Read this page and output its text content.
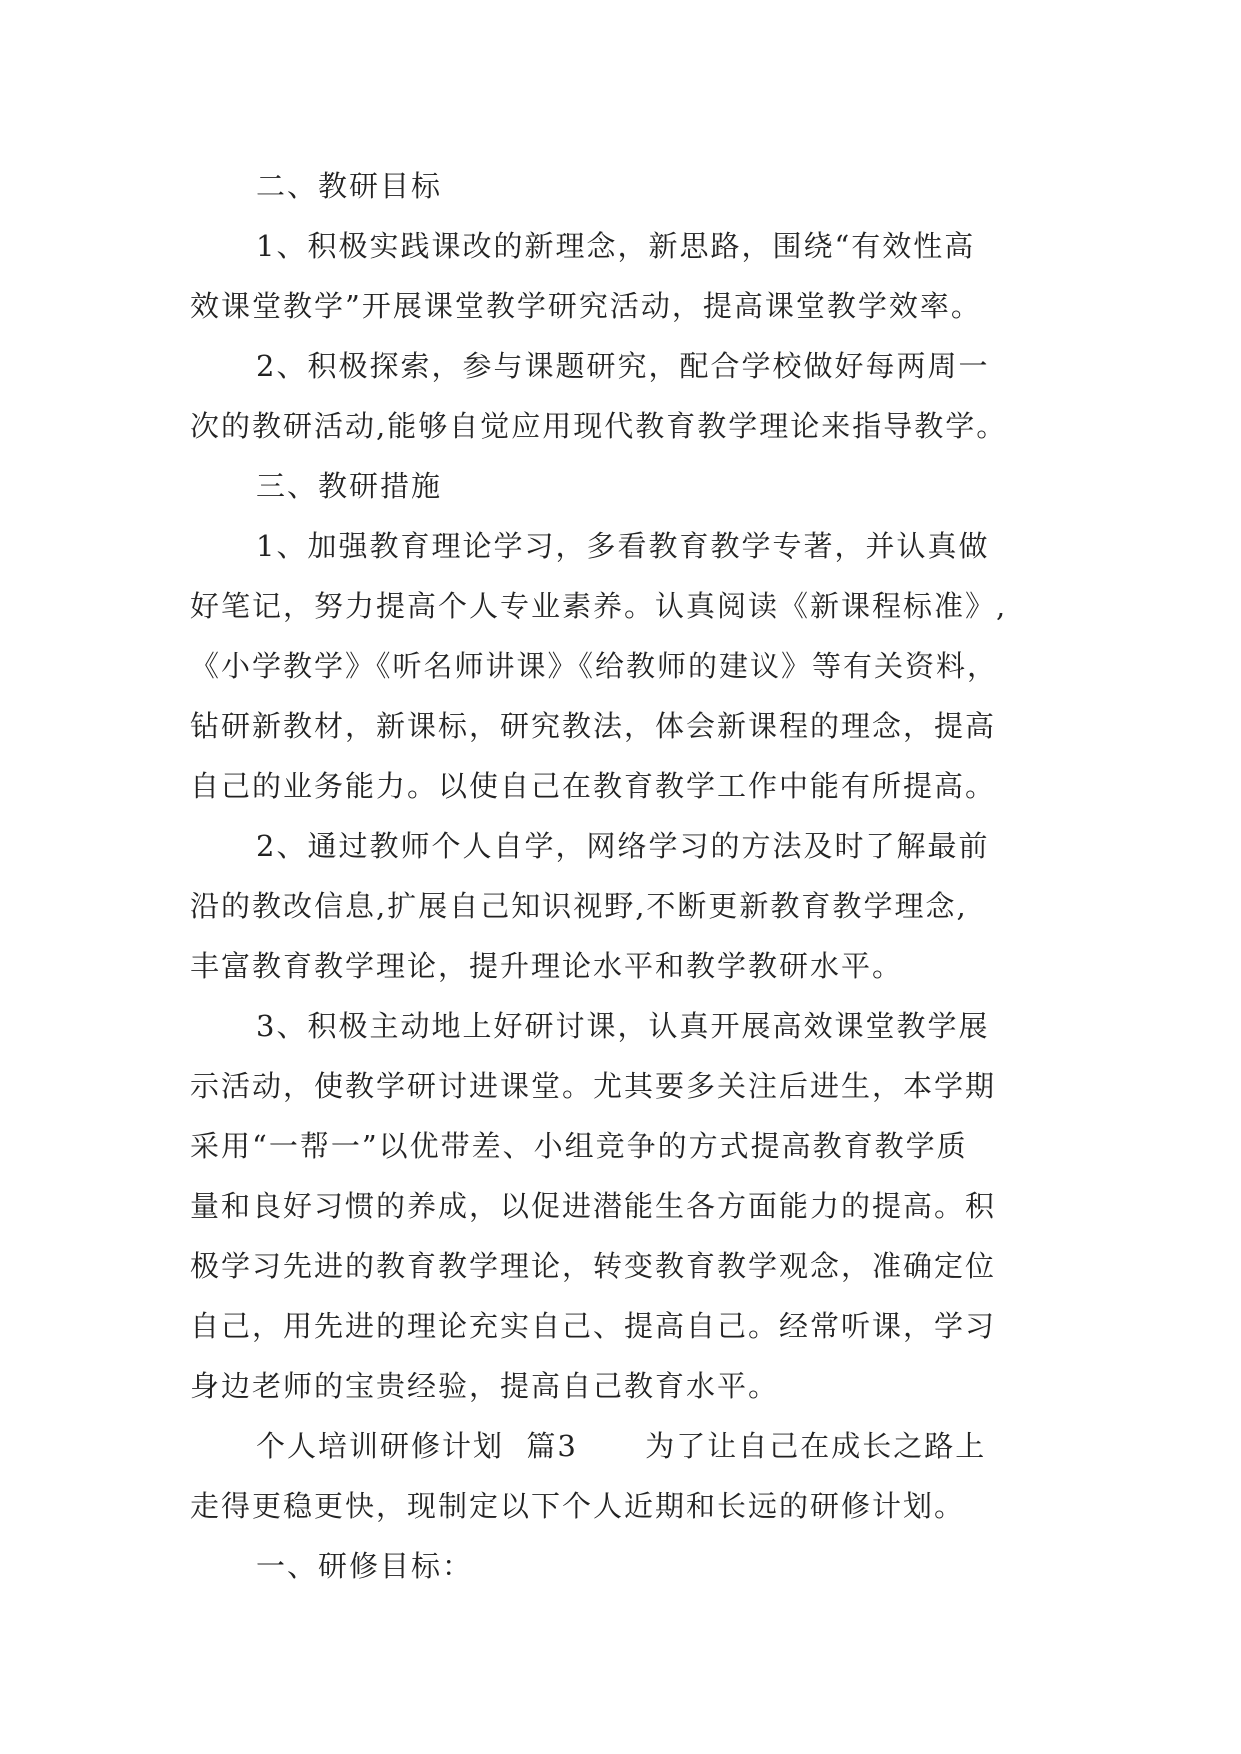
二、教研目标
1、积极实践课改的新理念，新思路，围绕“有效性高
效课堂教学”开展课堂教学研究活动，提高课堂教学效率。
2、积极探索，参与课题研究，配合学校做好每两周一
次的教研活动,能够自觉应用现代教育教学理论来指导教学。
三、教研措施
1、加强教育理论学习，多看教育教学专著，并认真做
好笔记，努力提高个人专业素养。认真阅读《新课程标准》,
《小学教学》《听名师讲课》《给教师的建议》等有关资料，
钻研新教材，新课标，研究教法，体会新课程的理念，提高
自己的业务能力。以使自己在教育教学工作中能有所提高。
2、通过教师个人自学，网络学习的方法及时了解最前
沿的教改信息,扩展自己知识视野,不断更新教育教学理念,
丰富教育教学理论，提升理论水平和教学教研水平。
3、积极主动地上好研讨课，认真开展高效课堂教学展
示活动，使教学研讨进课堂。尤其要多关注后进生，本学期
采用“一帮一”以优带差、小组竞争的方式提高教育教学质
量和良好习惯的养成，以促进潜能生各方面能力的提高。积
极学习先进的教育教学理论，转变教育教学观念，准确定位
自己，用先进的理论充实自己、提高自己。经常听课，学习
身边老师的宝贵经验，提高自己教育水平。
个人培训研修计划  篇3      为了让自己在成长之路上
走得更稳更快，现制定以下个人近期和长远的研修计划。
一、研修目标：
